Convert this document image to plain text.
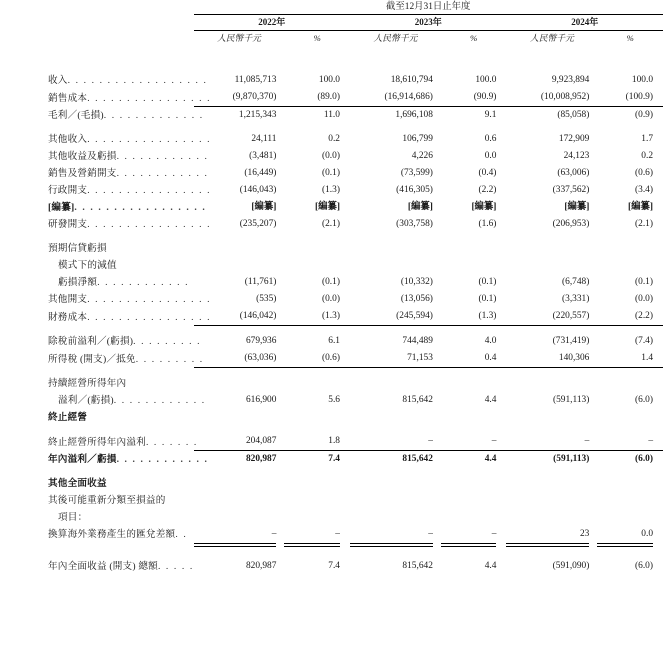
	截至12月31日止年度					
	2022年		2023年		2024年	
	人民幣千元	%	人民幣千元	%	人民幣千元	%

收入. . . . . . . . . . . . . . . . . .	11,085,713	100.0	18,610,794	100.0	9,923,894	100.0
銷售成本. . . . . . . . . . . . . . . .	(9,870,370)	(89.0)	(16,914,686)	(90.9)	(10,008,952)	(100.9)
毛利／(毛損). . . . . . . . . . . . .	1,215,343	11.0	1,696,108	9.1	(85,058)	(0.9)

其他收入. . . . . . . . . . . . . . . .	24,111	0.2	106,799	0.6	172,909	1.7
其他收益及虧損. . . . . . . . . . . .	(3,481)	(0.0)	4,226	0.0	24,123	0.2
銷售及營銷開支. . . . . . . . . . . .	(16,449)	(0.1)	(73,599)	(0.4)	(63,006)	(0.6)
行政開支. . . . . . . . . . . . . . . .	(146,043)	(1.3)	(416,305)	(2.2)	(337,562)	(3.4)
[編纂]. . . . . . . . . . . . . . . . .	[編纂]	[編纂]	[編纂]	[編纂]	[編纂]	[編纂]
研發開支. . . . . . . . . . . . . . . .	(235,207)	(2.1)	(303,758)	(1.6)	(206,953)	(2.1)

預期信貸虧損						
模式下的減值						
虧損淨額. . . . . . . . . . . .	(11,761)	(0.1)	(10,332)	(0.1)	(6,748)	(0.1)
其他開支. . . . . . . . . . . . . . . .	(535)	(0.0)	(13,056)	(0.1)	(3,331)	(0.0)
財務成本. . . . . . . . . . . . . . . .	(146,042)	(1.3)	(245,594)	(1.3)	(220,557)	(2.2)

除稅前溢利／(虧損). . . . . . . . .	679,936	6.1	744,489	4.0	(731,419)	(7.4)
所得稅 (開支)／抵免. . . . . . . . .	(63,036)	(0.6)	71,153	0.4	140,306	1.4

持續經營所得年內						
溢利／(虧損). . . . . . . . . . . .	616,900	5.6	815,642	4.4	(591,113)	(6.0)
終止經營						

終止經營所得年內溢利. . . . . . .	204,087	1.8	–	–	–	–
年內溢利／虧損. . . . . . . . . . . .	820,987	7.4	815,642	4.4	(591,113)	(6.0)

其他全面收益						
其後可能重新分類至損益的						
項目：						
換算海外業務產生的匯兌差額. .	–	–	–	–	23	0.0

年內全面收益 (開支) 總額. . . . .	820,987	7.4	815,642	4.4	(591,090)	(6.0)
